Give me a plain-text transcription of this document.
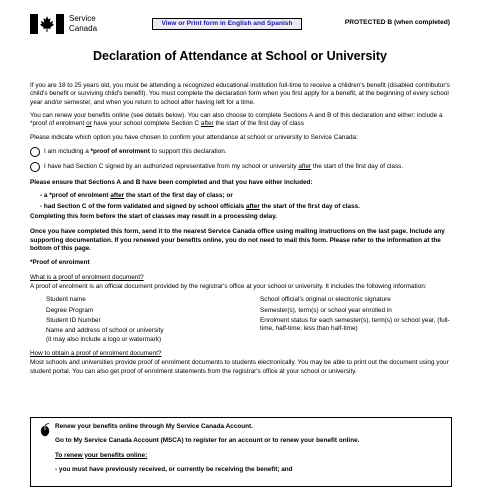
Service
Canada	View or Print form in English and Spanish	PROTECTED B (when completed)
Declaration of Attendance at School or University

If you are 18 to 25 years old, you must be attending a recognized educational institution full-time to receive a children's benefit (disabled contributor's child's benefit or surviving child's benefit). You must complete the declaration form when you first apply for a benefit, at the beginning of every school year and/or semester, and when you return to school after having left for a time.

You can renew your benefits online (see details below). You can also choose to complete Sections A and B of this declaration and either: include a *proof of enrolment or have your school complete Section C after the start of the first day of class

Please indicate which option you have chosen to confirm your attendance at school or university to Service Canada:

I am including a *proof of enrolment to support this declaration.
I have had Section C signed by an authorized representative from my school or university after the start of the first day of class.

Please ensure that Sections A and B have been completed and that you have either included:

- a *proof of enrolment after the start of the first day of class; or

- had Section C of the form validated and signed by school officials after the start of the first day of class.

Completing this form before the start of classes may result in a processing delay.

Once you have completed this form, send it to the nearest Service Canada office using mailing instructions on the last page. Include any supporting documentation. If you renewed your benefits online, you do not need to mail this form. Please refer to the information at the bottom of this page.

*Proof of enrolment

What is a proof of enrolment document?

A proof of enrolment is an official document provided by the registrar's office at your school or university. It includes the following information:

Student name	School official's original or electronic signature
Degree Program	Semester(s), term(s) or school year enrolled in
Student ID Number	Enrolment status for each semester(s), term(s) or school year, (full-time, half-time, less than half-time)
Name and address of school or university
(it may also include a logo or watermark)

How to obtain a proof of enrolment document?

Most schools and universities provide proof of enrolment documents to students electronically. You may be able to print out the document using your student portal. You can also get proof of enrolment statements from the registrar's office at your school or university.

Renew your benefits online through My Service Canada Account.

Go to My Service Canada Account (MSCA) to register for an account or to renew your benefit online.

To renew your benefits online:

- you must have previously received, or currently be receiving the benefit; and
